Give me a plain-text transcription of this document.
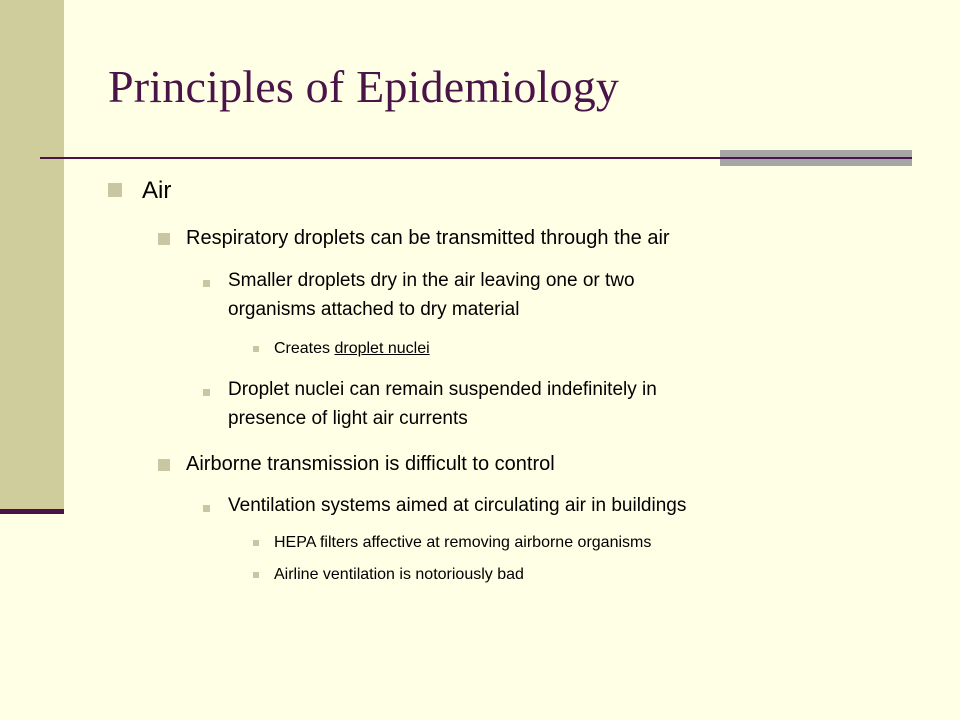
Principles of Epidemiology
Air
Respiratory droplets can be transmitted through the air
Smaller droplets dry in the air leaving one or two
organisms attached to dry material
Creates droplet nuclei
Droplet nuclei can remain suspended indefinitely in
presence of light air currents
Airborne transmission is difficult to control
Ventilation systems aimed at circulating air in buildings
HEPA filters affective at removing airborne organisms
Airline ventilation is notoriously bad
